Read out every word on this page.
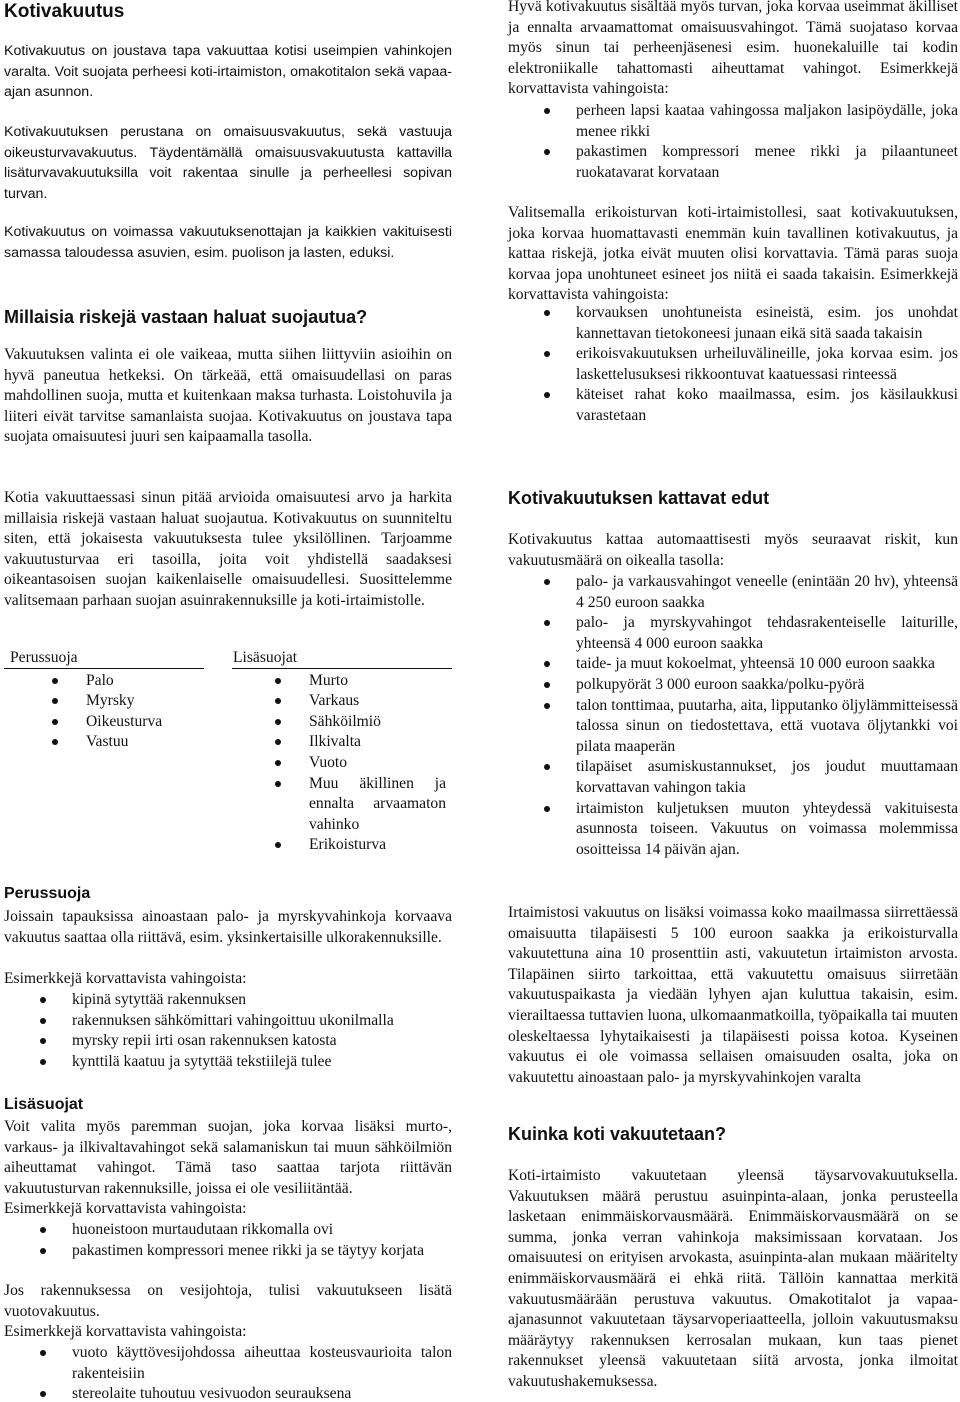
Kotivakuutus

Kotivakuutus on joustava tapa vakuuttaa kotisi useimpien vahinkojen varalta. Voit suojata perheesi koti-irtaimiston, omakotitalon sekä vapaa-ajan asunnon.

Kotivakuutuksen perustana on omaisuusvakuutus, sekä vastuuja oikeusturvavakuutus. Täydentämällä omaisuusvakuutusta kattavilla lisäturvavakuutuksilla voit rakentaa sinulle ja perheellesi sopivan turvan.

Kotivakuutus on voimassa vakuutuksenottajan ja kaikkien vakituisesti samassa taloudessa asuvien, esim. puolison ja lasten, eduksi.

Millaisia riskejä vastaan haluat suojautua?

Vakuutuksen valinta ei ole vaikeaa, mutta siihen liittyviin asioihin on hyvä paneutua hetkeksi. On tärkeää, että omaisuudellasi on paras mahdollinen suoja, mutta et kuitenkaan maksa turhasta. Loistohuvila ja liiteri eivät tarvitse samanlaista suojaa. Kotivakuutus on joustava tapa suojata omaisuutesi juuri sen kaipaamalla tasolla.

Kotia vakuuttaessasi sinun pitää arvioida omaisuutesi arvo ja harkita millaisia riskejä vastaan haluat suojautua. Kotivakuutus on suunniteltu siten, että jokaisesta vakuutuksesta tulee yksilöllinen. Tarjoamme vakuutusturvaa eri tasoilla, joita voit yhdistellä saadaksesi oikeantasoisen suojan kaikenlaiselle omaisuudellesi. Suosittelemme valitsemaan parhaan suojan asuinrakennuksille ja koti-irtaimistolle.

Perussuoja
Palo
Myrsky
Oikeusturva
Vastuu
Lisäsuojat
Murto
Varkaus
Sähköilmiö
Ilkivalta
Vuoto
Muu äkillinen ja ennalta arvaamaton vahinko
Erikoisturva
Perussuoja

Joissain tapauksissa ainoastaan palo- ja myrskyvahinkoja korvaava vakuutus saattaa olla riittävä, esim. yksinkertaisille ulkorakennuksille.

Esimerkkejä korvattavista vahingoista:

kipinä sytyttää rakennuksen
rakennuksen sähkömittari vahingoittuu ukonilmalla
myrsky repii irti osan rakennuksen katosta
kynttilä kaatuu ja sytyttää tekstiilejä tulee
Lisäsuojat

Voit valita myös paremman suojan, joka korvaa lisäksi murto-, varkaus- ja ilkivaltavahingot sekä salamaniskun tai muun sähköilmiön aiheuttamat vahingot. Tämä taso saattaa tarjota riittävän vakuutusturvan rakennuksille, joissa ei ole vesiliitäntää.

Esimerkkejä korvattavista vahingoista:

huoneistoon murtaudutaan rikkomalla ovi
pakastimen kompressori menee rikki ja se täytyy korjata

Jos rakennuksessa on vesijohtoja, tulisi vakuutukseen lisätä vuotovakuutus.

Esimerkkejä korvattavista vahingoista:

vuoto käyttövesijohdossa aiheuttaa kosteusvaurioita talon rakenteisiin
stereolaite tuhoutuu vesivuodon seurauksena

Hyvä kotivakuutus sisältää myös turvan, joka korvaa useimmat äkilliset ja ennalta arvaamattomat omaisuusvahingot. Tämä suojataso korvaa myös sinun tai perheenjäsenesi esim. huonekaluille tai kodin elektroniikalle tahattomasti aiheuttamat vahingot. Esimerkkejä korvattavista vahingoista:

perheen lapsi kaataa vahingossa maljakon lasipöydälle, joka menee rikki
pakastimen kompressori menee rikki ja pilaantuneet ruokatavarat korvataan

Valitsemalla erikoisturvan koti-irtaimistollesi, saat kotivakuutuksen, joka korvaa huomattavasti enemmän kuin tavallinen kotivakuutus, ja kattaa riskejä, jotka eivät muuten olisi korvattavia. Tämä paras suoja korvaa jopa unohtuneet esineet jos niitä ei saada takaisin. Esimerkkejä korvattavista vahingoista:

korvauksen unohtuneista esineistä, esim. jos unohdat kannettavan tietokoneesi junaan eikä sitä saada takaisin
erikoisvakuutuksen urheiluvälineille, joka korvaa esim. jos laskettelusuksesi rikkoontuvat kaatuessasi rinteessä
käteiset rahat koko maailmassa, esim. jos käsilaukkusi varastetaan
Kotivakuutuksen kattavat edut

Kotivakuutus kattaa automaattisesti myös seuraavat riskit, kun vakuutusmäärä on oikealla tasolla:

palo- ja varkausvahingot veneelle (enintään 20 hv), yhteensä 4 250 euroon saakka
palo- ja myrskyvahingot tehdasrakenteiselle laiturille, yhteensä 4 000 euroon saakka
taide- ja muut kokoelmat, yhteensä 10 000 euroon saakka
polkupyörät 3 000 euroon saakka/polku-pyörä
talon tonttimaa, puutarha, aita, lipputanko öljylämmitteisessä talossa sinun on tiedostettava, että vuotava öljytankki voi pilata maaperän
tilapäiset asumiskustannukset, jos joudut muuttamaan korvattavan vahingon takia
irtaimiston kuljetuksen muuton yhteydessä vakituisesta asunnosta toiseen. Vakuutus on voimassa molemmissa osoitteissa 14 päivän ajan.

Irtaimistosi vakuutus on lisäksi voimassa koko maailmassa siirrettäessä omaisuutta tilapäisesti 5 100 euroon saakka ja erikoisturvalla vakuutettuna aina 10 prosenttiin asti, vakuutetun irtaimiston arvosta. Tilapäinen siirto tarkoittaa, että vakuutettu omaisuus siirretään vakuutuspaikasta ja viedään lyhyen ajan kuluttua takaisin, esim. vierailtaessa tuttavien luona, ulkomaanmatkoilla, työpaikalla tai muuten oleskeltaessa lyhytaikaisesti ja tilapäisesti poissa kotoa. Kyseinen vakuutus ei ole voimassa sellaisen omaisuuden osalta, joka on vakuutettu ainoastaan palo- ja myrskyvahinkojen varalta

Kuinka koti vakuutetaan?

Koti-irtaimisto vakuutetaan yleensä täysarvovakuutuksella. Vakuutuksen määrä perustuu asuinpinta-alaan, jonka perusteella lasketaan enimmäiskorvausmäärä. Enimmäiskorvausmäärä on se summa, jonka verran vahinkoja maksimissaan korvataan. Jos omaisuutesi on erityisen arvokasta, asuinpinta-alan mukaan määritelty enimmäiskorvausmäärä ei ehkä riitä. Tällöin kannattaa merkitä vakuutusmäärään perustuva vakuutus. Omakotitalot ja vapaa-ajanasunnot vakuutetaan täysarvoperiaatteella, jolloin vakuutusmaksu määräytyy rakennuksen kerrosalan mukaan, kun taas pienet rakennukset yleensä vakuutetaan siitä arvosta, jonka ilmoitat vakuutushakemuksessa.
